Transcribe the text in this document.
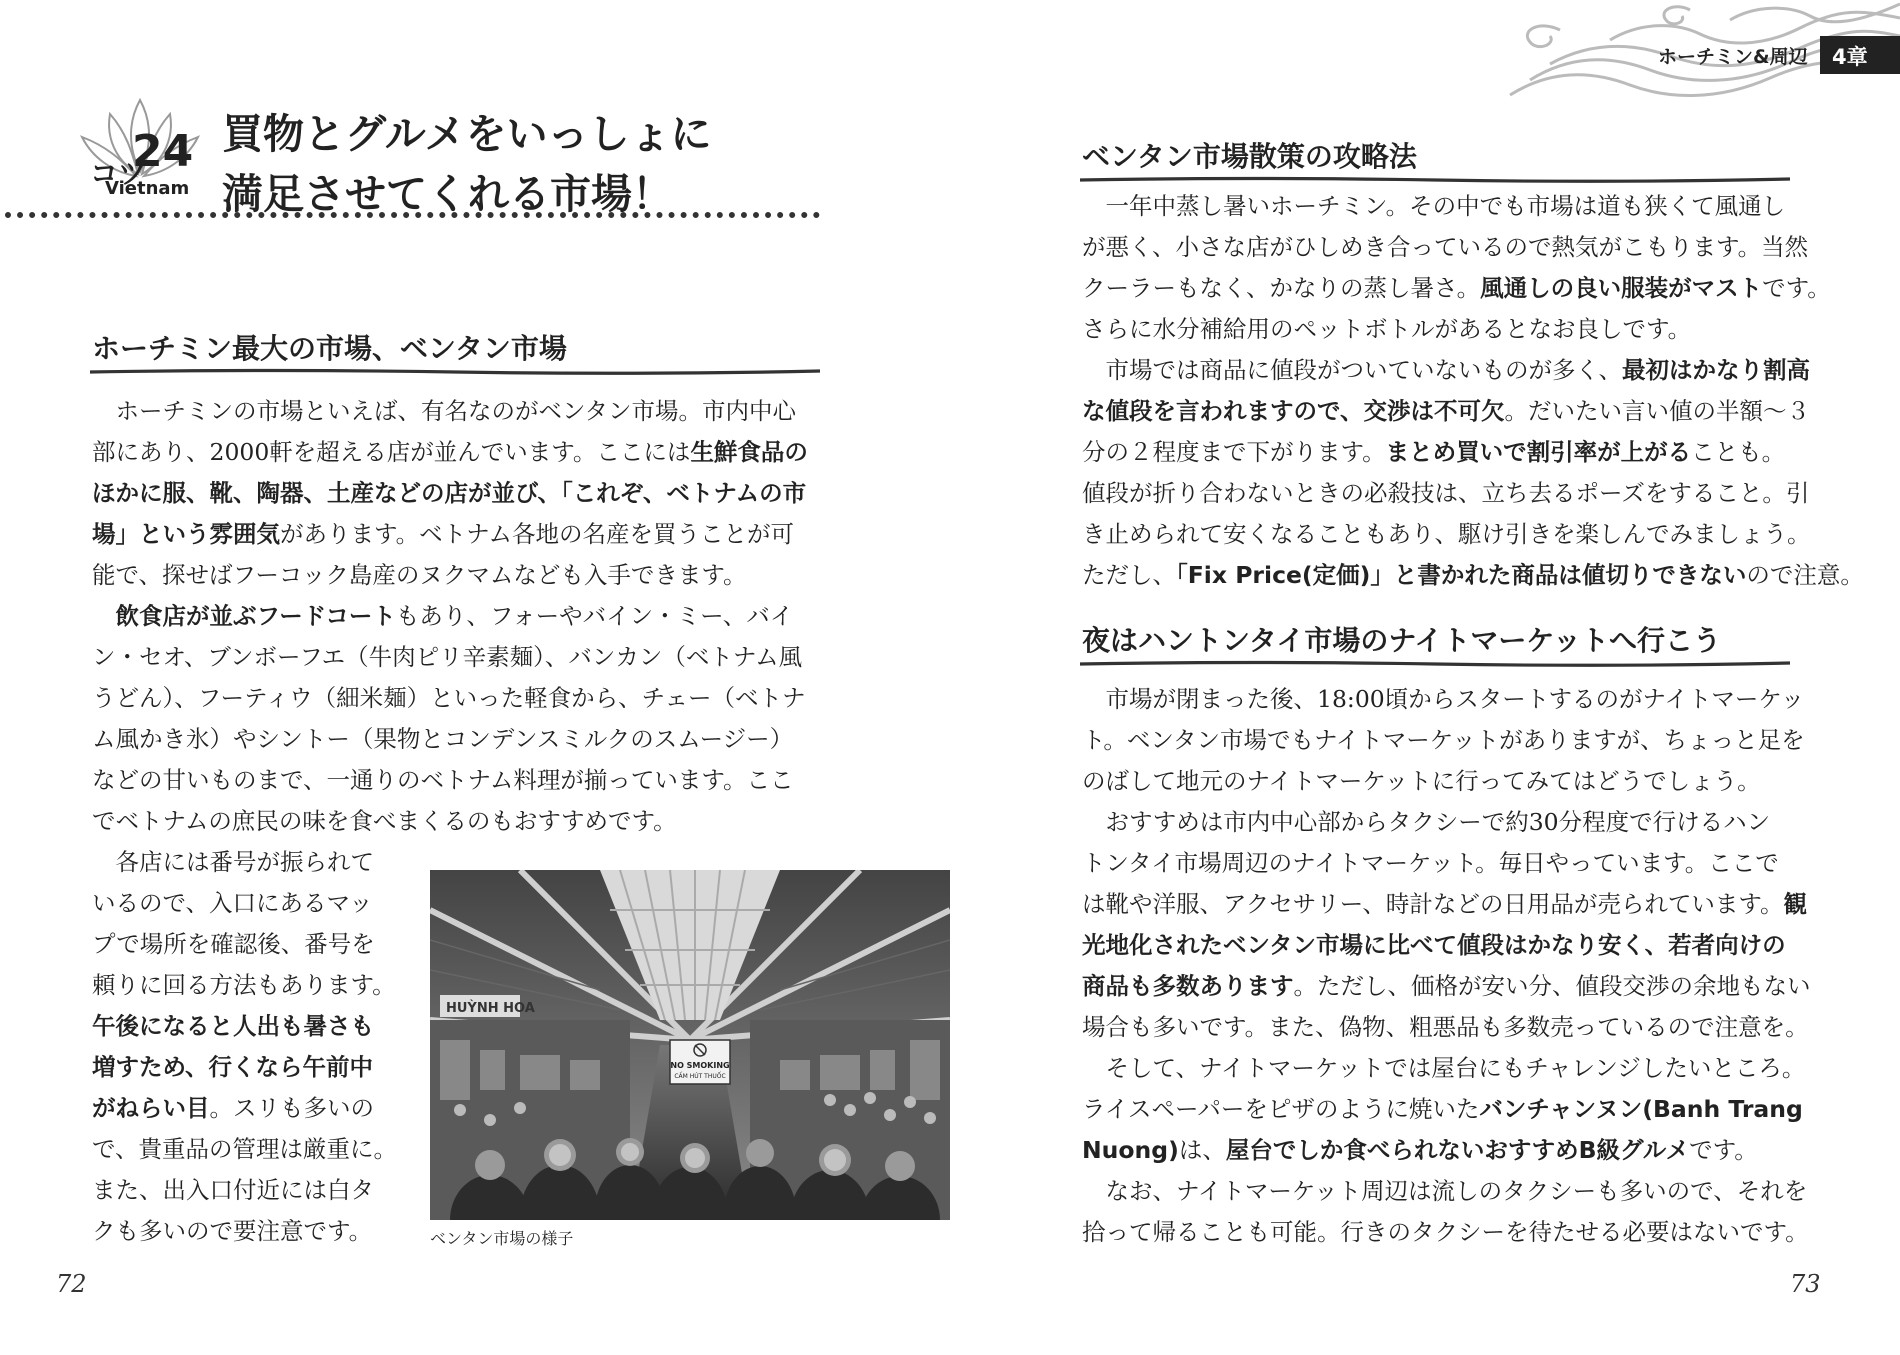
コツ
24
Vietnam
買物とグルメをいっしょに
満足させてくれる市場！
ホーチミン最大の市場、ベンタン市場
　ホーチミンの市場といえば、有名なのがベンタン市場。市内中心
部にあり、2000軒を超える店が並んでいます。ここには生鮮食品の
ほかに服、靴、陶器、土産などの店が並び、「これぞ、ベトナムの市
場」という雰囲気があります。ベトナム各地の名産を買うことが可
能で、探せばフーコック島産のヌクマムなども入手できます。
　飲食店が並ぶフードコートもあり、フォーやバイン・ミー、バイ
ン・セオ、ブンボーフエ（牛肉ピリ辛素麺）、バンカン（ベトナム風
うどん）、フーティウ（細米麺）といった軽食から、チェー（ベトナ
ム風かき氷）やシントー（果物とコンデンスミルクのスムージー）
などの甘いものまで、一通りのベトナム料理が揃っています。ここ
でベトナムの庶民の味を食べまくるのもおすすめです。
　各店には番号が振られて
いるので、入口にあるマッ
プで場所を確認後、番号を
頼りに回る方法もあります。
午後になると人出も暑さも
増すため、行くなら午前中
がねらい目。スリも多いの
で、貴重品の管理は厳重に。
また、出入口付近には白タ
クも多いので要注意です。
HUỲNH HOA
NO SMOKING
CẤM HÚT THUỐC
ベンタン市場の様子
72
ホーチミン&周辺 4章
ベンタン市場散策の攻略法
　一年中蒸し暑いホーチミン。その中でも市場は道も狭くて風通し
が悪く、小さな店がひしめき合っているので熱気がこもります。当然
クーラーもなく、かなりの蒸し暑さ。風通しの良い服装がマストです。
さらに水分補給用のペットボトルがあるとなお良しです。
　市場では商品に値段がついていないものが多く、最初はかなり割高
な値段を言われますので、交渉は不可欠。だいたい言い値の半額～３
分の２程度まで下がります。まとめ買いで割引率が上がることも。
値段が折り合わないときの必殺技は、立ち去るポーズをすること。引
き止められて安くなることもあり、駆け引きを楽しんでみましょう。
ただし、「Fix Price(定価)」と書かれた商品は値切りできないので注意。
夜はハントンタイ市場のナイトマーケットへ行こう
　市場が閉まった後、18:00頃からスタートするのがナイトマーケッ
ト。ベンタン市場でもナイトマーケットがありますが、ちょっと足を
のばして地元のナイトマーケットに行ってみてはどうでしょう。
　おすすめは市内中心部からタクシーで約30分程度で行けるハン
トンタイ市場周辺のナイトマーケット。毎日やっています。ここで
は靴や洋服、アクセサリー、時計などの日用品が売られています。観
光地化されたベンタン市場に比べて値段はかなり安く、若者向けの
商品も多数あります。ただし、価格が安い分、値段交渉の余地もない
場合も多いです。また、偽物、粗悪品も多数売っているので注意を。
　そして、ナイトマーケットでは屋台にもチャレンジしたいところ。
ライスペーパーをピザのように焼いたバンチャンヌン(Banh Trang
Nuong)は、屋台でしか食べられないおすすめB級グルメです。
　なお、ナイトマーケット周辺は流しのタクシーも多いので、それを
拾って帰ることも可能。行きのタクシーを待たせる必要はないです。
73
